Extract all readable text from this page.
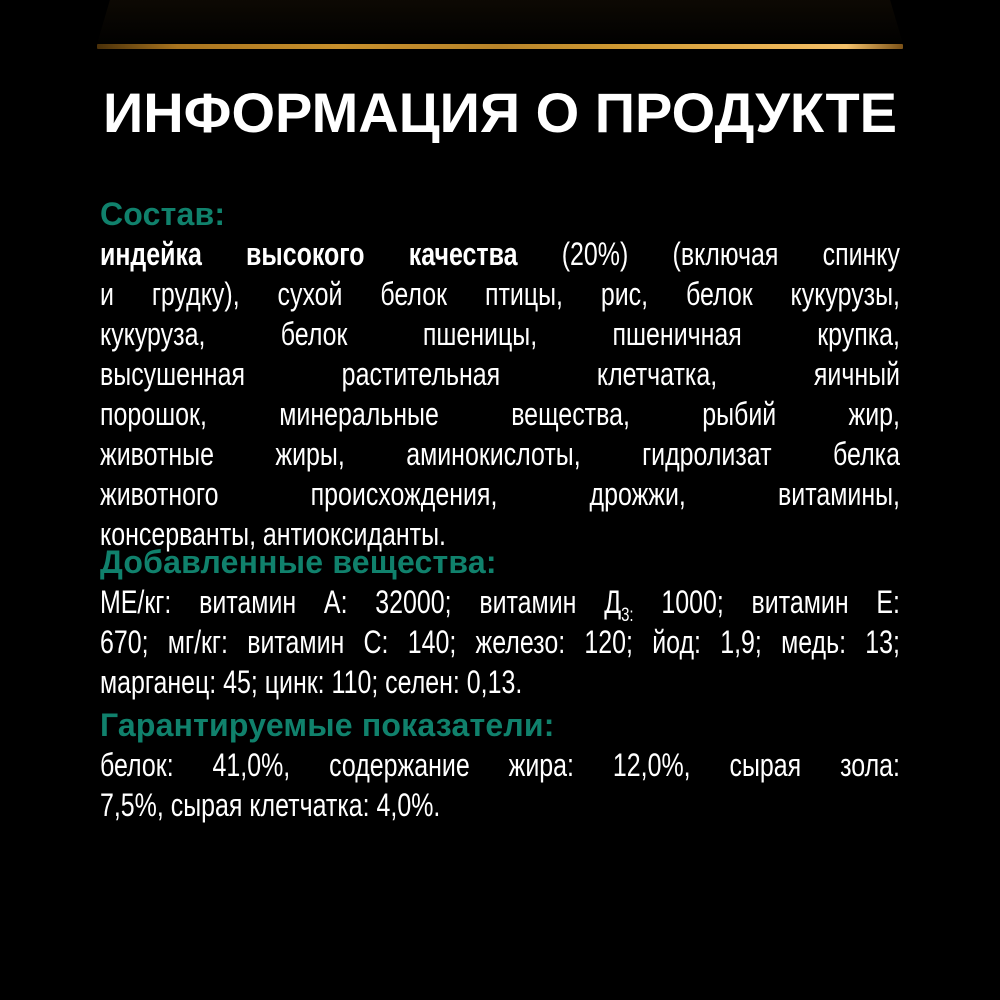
ИНФОРМАЦИЯ О ПРОДУКТЕ
Состав:
индейка высокого качества (20%) (включая спинку
и грудку), сухой белок птицы, рис, белок кукурузы,
кукуруза, белок пшеницы, пшеничная крупка,
высушенная растительная клетчатка, яичный
порошок, минеральные вещества, рыбий жир,
животные жиры, аминокислоты, гидролизат белка
животного происхождения, дрожжи, витамины,
консерванты, антиоксиданты.
Добавленные вещества:
МЕ/кг: витамин А: 32000; витамин $Д_{3:}$ 1000; витамин Е:
670; мг/кг: витамин С: 140; железо: 120; йод: 1,9; медь: 13;
марганец: 45; цинк: 110; селен: 0,13.
Гарантируемые показатели:
белок: 41,0%, содержание жира: 12,0%, сырая зола:
7,5%, сырая клетчатка: 4,0%.
